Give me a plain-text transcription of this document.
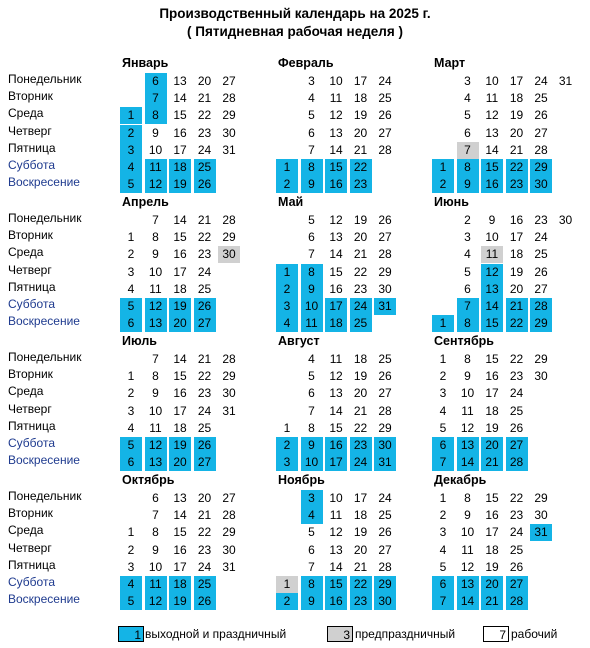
Производственный календарь на 2025 г.
( Пятидневная рабочая неделя )
Понедельник
Вторник
Среда
Четверг
Пятница
Суббота
Воскресение
Январь
1
2
3
4
5
6
7
8
9
10
11
12
13
14
15
16
17
18
19
20
21
22
23
24
25
26
27
28
29
30
31
Февраль
1
2
3
4
5
6
7
8
9
10
11
12
13
14
15
16
17
18
19
20
21
22
23
24
25
26
27
28
Март
1
2
3
4
5
6
7
8
9
10
11
12
13
14
15
16
17
18
19
20
21
22
23
24
25
26
27
28
29
30
31
Понедельник
Вторник
Среда
Четверг
Пятница
Суббота
Воскресение
Апрель
1
2
3
4
5
6
7
8
9
10
11
12
13
14
15
16
17
18
19
20
21
22
23
24
25
26
27
28
29
30
Май
1
2
3
4
5
6
7
8
9
10
11
12
13
14
15
16
17
18
19
20
21
22
23
24
25
26
27
28
29
30
31
Июнь
1
2
3
4
5
6
7
8
9
10
11
12
13
14
15
16
17
18
19
20
21
22
23
24
25
26
27
28
29
30
Понедельник
Вторник
Среда
Четверг
Пятница
Суббота
Воскресение
Июль
1
2
3
4
5
6
7
8
9
10
11
12
13
14
15
16
17
18
19
20
21
22
23
24
25
26
27
28
29
30
31
Август
1
2
3
4
5
6
7
8
9
10
11
12
13
14
15
16
17
18
19
20
21
22
23
24
25
26
27
28
29
30
31
Сентябрь
1
2
3
4
5
6
7
8
9
10
11
12
13
14
15
16
17
18
19
20
21
22
23
24
25
26
27
28
29
30
Понедельник
Вторник
Среда
Четверг
Пятница
Суббота
Воскресение
Октябрь
1
2
3
4
5
6
7
8
9
10
11
12
13
14
15
16
17
18
19
20
21
22
23
24
25
26
27
28
29
30
31
Ноябрь
1
2
3
4
5
6
7
8
9
10
11
12
13
14
15
16
17
18
19
20
21
22
23
24
25
26
27
28
29
30
Декабрь
1
2
3
4
5
6
7
8
9
10
11
12
13
14
15
16
17
18
19
20
21
22
23
24
25
26
27
28
29
30
31
1 выходной и праздничный	3 предпраздничный	7 рабочий
